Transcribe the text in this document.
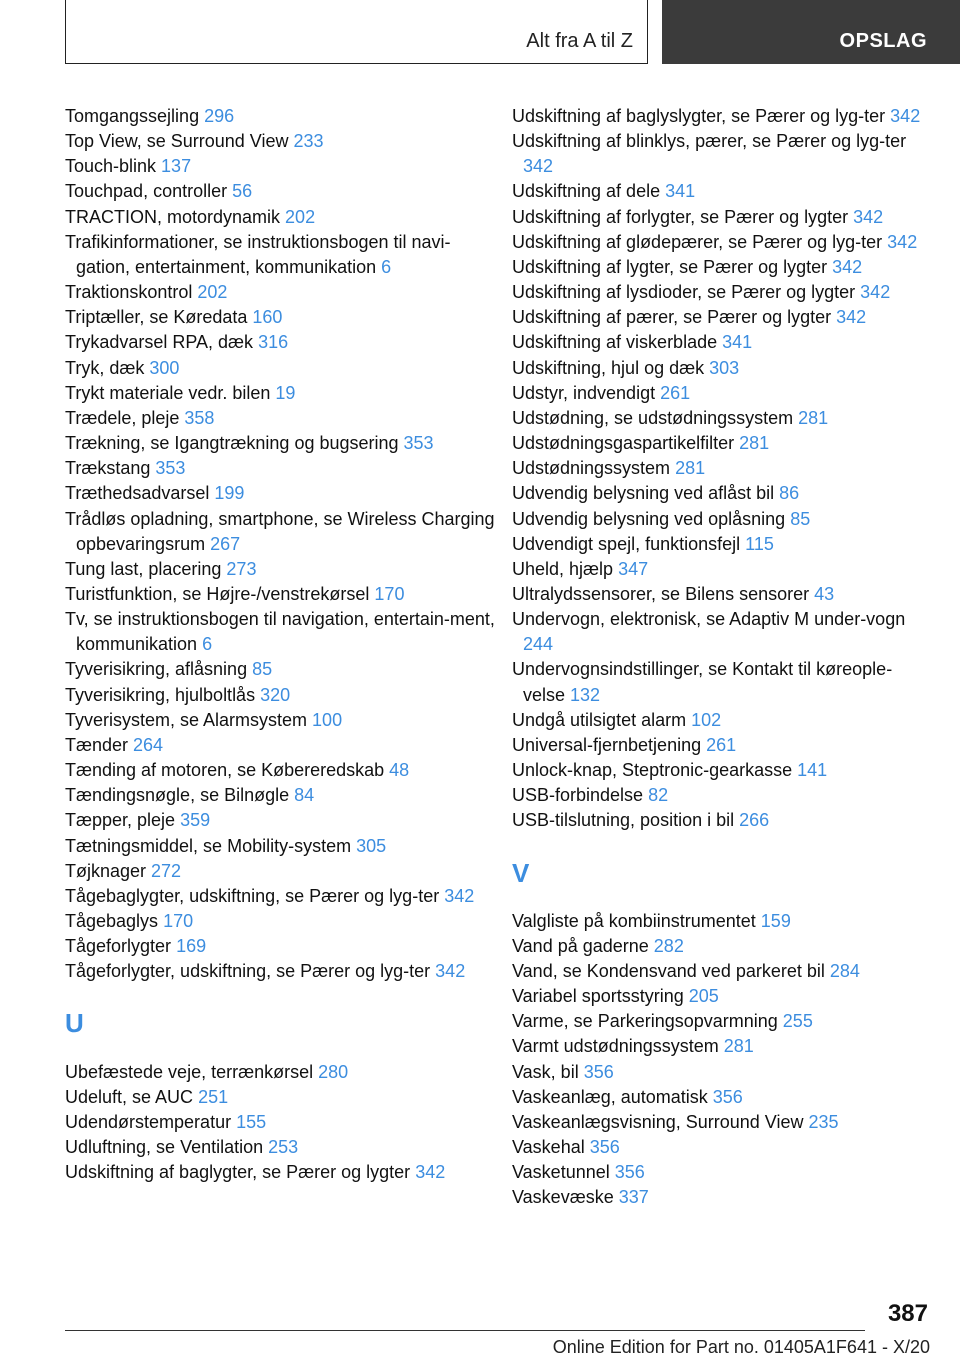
Alt fra A til Z	OPSLAG
Tomgangssejling 296
Top View, se Surround View 233
Touch-blink 137
Touchpad, controller 56
TRACTION, motordynamik 202
Trafikinformationer, se instruktionsbogen til navi‐gation, entertainment, kommunikation 6
Traktionskontrol 202
Triptæller, se Køredata 160
Trykadvarsel RPA, dæk 316
Tryk, dæk 300
Trykt materiale vedr. bilen 19
Trædele, pleje 358
Trækning, se Igangtrækning og bugsering 353
Trækstang 353
Træthedsadvarsel 199
Trådløs opladning, smartphone, se Wireless Charging opbevaringsrum 267
Tung last, placering 273
Turistfunktion, se Højre-/venstrekørsel 170
Tv, se instruktionsbogen til navigation, entertain‐ment, kommunikation 6
Tyverisikring, aflåsning 85
Tyverisikring, hjulboltlås 320
Tyverisystem, se Alarmsystem 100
Tænder 264
Tænding af motoren, se Købereredskab 48
Tændingsnøgle, se Bilnøgle 84
Tæpper, pleje 359
Tætningsmiddel, se Mobility-system 305
Tøjknager 272
Tågebaglygter, udskiftning, se Pærer og lyg‐ter 342
Tågebaglys 170
Tågeforlygter 169
Tågeforlygter, udskiftning, se Pærer og lyg‐ter 342
U
Ubefæstede veje, terrænkørsel 280
Udeluft, se AUC 251
Udendørstemperatur 155
Udluftning, se Ventilation 253
Udskiftning af baglygter, se Pærer og lygter 342
Udskiftning af baglyslygter, se Pærer og lyg‐ter 342
Udskiftning af blinklys, pærer, se Pærer og lyg‐ter 342
Udskiftning af dele 341
Udskiftning af forlygter, se Pærer og lygter 342
Udskiftning af glødepærer, se Pærer og lyg‐ter 342
Udskiftning af lygter, se Pærer og lygter 342
Udskiftning af lysdioder, se Pærer og lygter 342
Udskiftning af pærer, se Pærer og lygter 342
Udskiftning af viskerblade 341
Udskiftning, hjul og dæk 303
Udstyr, indvendigt 261
Udstødning, se udstødningssystem 281
Udstødningsgaspartikelfilter 281
Udstødningssystem 281
Udvendig belysning ved aflåst bil 86
Udvendig belysning ved oplåsning 85
Udvendigt spejl, funktionsfejl 115
Uheld, hjælp 347
Ultralydssensorer, se Bilens sensorer 43
Undervogn, elektronisk, se Adaptiv M under‐vogn 244
Undervognsindstillinger, se Kontakt til køreople‐velse 132
Undgå utilsigtet alarm 102
Universal-fjernbetjening 261
Unlock-knap, Steptronic-gearkasse 141
USB-forbindelse 82
USB-tilslutning, position i bil 266
V
Valgliste på kombiinstrumentet 159
Vand på gaderne 282
Vand, se Kondensvand ved parkeret bil 284
Variabel sportsstyring 205
Varme, se Parkeringsopvarmning 255
Varmt udstødningssystem 281
Vask, bil 356
Vaskeanlæg, automatisk 356
Vaskeanlægsvisning, Surround View 235
Vaskehal 356
Vasketunnel 356
Vaskevæske 337
387
Online Edition for Part no. 01405A1F641 - X/20
